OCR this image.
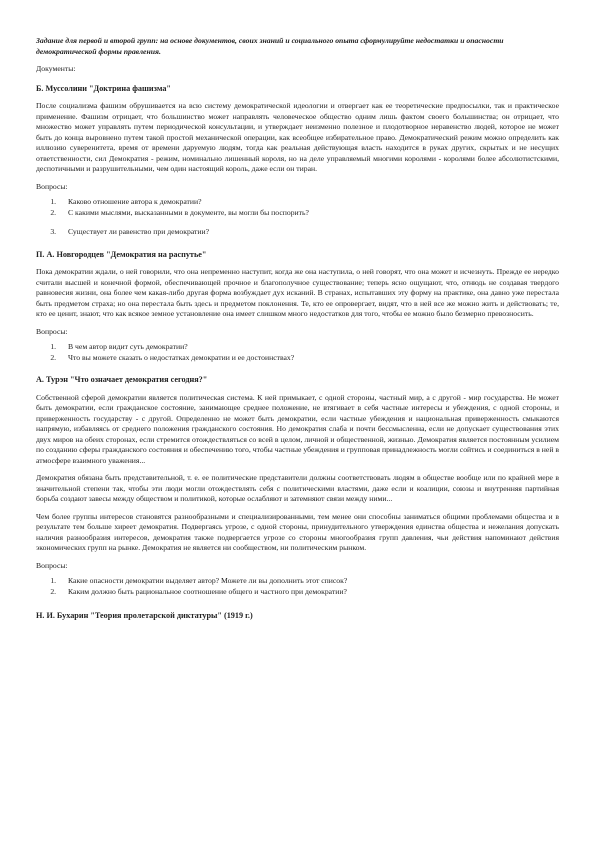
Задание для первой и второй групп: на основе документов, своих знаний и социального опыта сформулируйте недостатки и опасности демократической формы правления.

Документы:

Б. Муссолини "Доктрина фашизма"

После социализма фашизм обрушивается на всю систему демократической идеологии и отвергает как ее теоретические предпосылки, так и практическое применение. Фашизм отрицает, что большинство может направлять человеческое общество одним лишь фактом своего большинства; он отрицает, что множество может управлять путем периодической консультации, и утверждает неизменно полезное и плодотворное неравенство людей, которое не может быть до конца выровнено путем такой простой механической операции, как всеобщее избирательное право. Демократический режим можно определить как иллюзию суверенитета, время от времени даруемую людям, тогда как реальная действующая власть находится в руках других, скрытых и не несущих ответственности, сил Демократия - режим, номинально лишенный короля, но на деле управляемый многими королями - королями более абсолютистскими, деспотичными и разрушительными, чем один настоящий король, даже если он тиран.

Вопросы:

1. Каково отношение автора к демократии?
2. С какими мыслями, высказанными в документе, вы могли бы поспорить?
3. Существует ли равенство при демократии?

П. А. Новгородцев "Демократия на распутье"

Пока демократии ждали, о ней говорили, что она непременно наступит, когда же она наступила, о ней говорят, что она может и исчезнуть. Прежде ее нередко считали высшей и конечной формой, обеспечивающей прочное и благополучное существование; теперь ясно ощущают, что, отнюдь не создавая твердого равновесия жизни, она более чем какая-либо другая форма возбуждает дух исканий. В странах, испытавших эту форму на практике, она давно уже перестала быть предметом страха; но она перестала быть здесь и предметом поклонения. Те, кто ее опровергает, видят, что в ней все же можно жить и действовать; те, кто ее ценит, знают, что как всякое земное установление она имеет слишком много недостатков для того, чтобы ее можно было безмерно превозносить.

Вопросы:

1. В чем автор видит суть демократии?
2. Что вы можете сказать о недостатках демократии и ее достоинствах?

А. Турэн "Что означает демократия сегодня?"

Собственной сферой демократии является политическая система. К ней примыкает, с одной стороны, частный мир, а с другой - мир государства. Не может быть демократии, если гражданское состояние, занимающее среднее положение, не втягивает в себя частные интересы и убеждения, с одной стороны, и приверженность государству - с другой. Определенно не может быть демократии, если частные убеждения и национальная приверженность смыкаются напрямую, избавляясь от среднего положения гражданского состояния. Но демократия слаба и почти бессмысленна, если не допускает существования этих двух миров на обеих сторонах, если стремится отождествляться со всей в целом, личной и общественной, жизнью. Демократия является постоянным усилием по созданию сферы гражданского состояния и обеспечению того, чтобы частные убеждения и групповая принадлежность могли сойтись и соединиться в ней в атмосфере взаимного уважения...

Демократия обязана быть представительной, т. е. ее политические представители должны соответствовать людям в обществе вообще или по крайней мере в значительной степени так, чтобы эти люди могли отождествлять себя с политическими властями, даже если и коалиции, союзы и внутренняя партийная борьба создают завесы между обществом и политикой, которые ослабляют и затемняют связи между ними...

Чем более группы интересов становятся разнообразными и специализированными, тем менее они способны заниматься общими проблемами общества и в результате тем больше хиреет демократия. Подвергаясь угрозе, с одной стороны, принудительного утверждения единства общества и нежелания допускать наличия разнообразия интересов, демократия также подвергается угрозе со стороны многообразия групп давления, чьи действия напоминают действия экономических групп на рынке. Демократия не является ни сообществом, ни политическим рынком.

Вопросы:

1. Какие опасности демократии выделяет автор? Можете ли вы дополнить этот список?
2. Каким должно быть рациональное соотношение общего и частного при демократии?

Н. И. Бухарин "Теория пролетарской диктатуры" (1919 г.)
